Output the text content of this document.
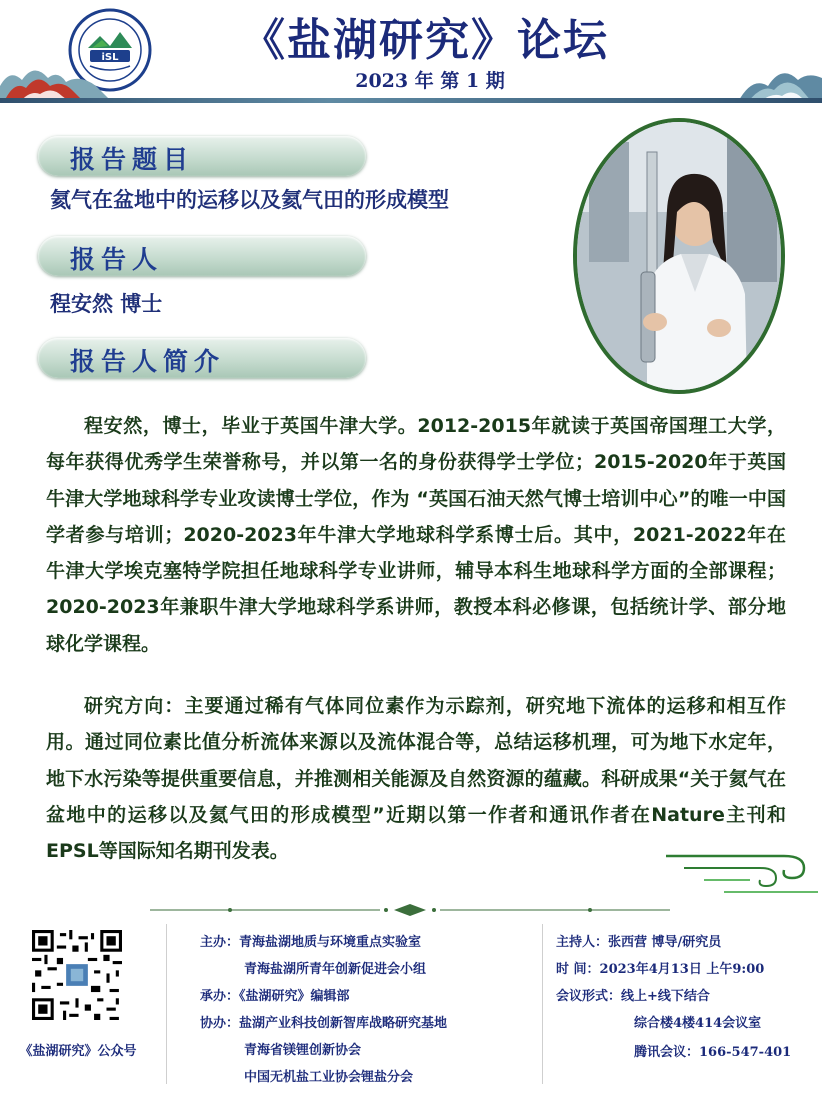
iSL	《盐湖研究》论坛
2023 年 第 1 期
报告题目
氦气在盆地中的运移以及氦气田的形成模型
报告人
程安然 博士
报告人简介
程安然，博士，毕业于英国牛津大学。2012-2015年就读于英国帝国理工大学，每年获得优秀学生荣誉称号，并以第一名的身份获得学士学位；2015-2020年于英国牛津大学地球科学专业攻读博士学位，作为 “英国石油天然气博士培训中心”的唯一中国学者参与培训；2020-2023年牛津大学地球科学系博士后。其中，2021-2022年在牛津大学埃克塞特学院担任地球科学专业讲师，辅导本科生地球科学方面的全部课程；2020-2023年兼职牛津大学地球科学系讲师，教授本科必修课，包括统计学、部分地球化学课程。
研究方向：主要通过稀有气体同位素作为示踪剂，研究地下流体的运移和相互作用。通过同位素比值分析流体来源以及流体混合等，总结运移机理，可为地下水定年，地下水污染等提供重要信息，并推测相关能源及自然资源的蕴藏。科研成果“关于氦气在盆地中的运移以及氦气田的形成模型”近期以第一作者和通讯作者在Nature主刊和EPSL等国际知名期刊发表。
《盐湖研究》公众号
主办：青海盐湖地质与环境重点实验室
青海盐湖所青年创新促进会小组
承办：《盐湖研究》编辑部
协办：盐湖产业科技创新智库战略研究基地
青海省镁锂创新协会
中国无机盐工业协会锂盐分会
主持人：张西营 博导/研究员
时 间：2023年4月13日 上午9:00
会议形式：线上+线下结合
综合楼4楼414会议室
腾讯会议：166-547-401
